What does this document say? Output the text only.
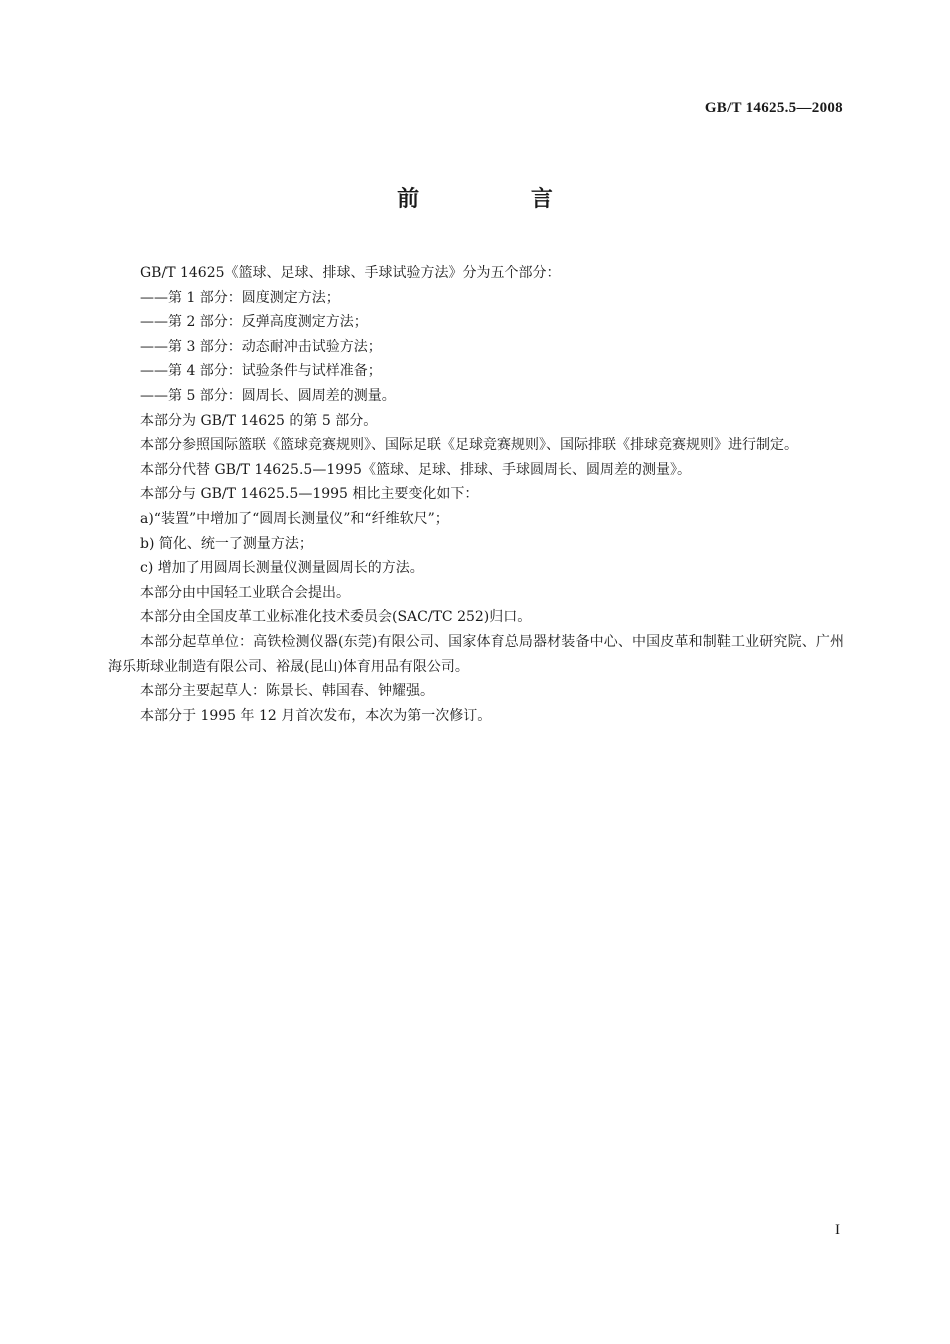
GB/T 14625.5—2008
前 言

GB/T 14625《篮球、足球、排球、手球试验方法》分为五个部分：

——第 1 部分：圆度测定方法；

——第 2 部分：反弹高度测定方法；

——第 3 部分：动态耐冲击试验方法；

——第 4 部分：试验条件与试样准备；

——第 5 部分：圆周长、圆周差的测量。

本部分为 GB/T 14625 的第 5 部分。

本部分参照国际篮联《篮球竞赛规则》、国际足联《足球竞赛规则》、国际排联《排球竞赛规则》进行制定。

本部分代替 GB/T 14625.5—1995《篮球、足球、排球、手球圆周长、圆周差的测量》。

本部分与 GB/T 14625.5—1995 相比主要变化如下：

a)“装置”中增加了“圆周长测量仪”和“纤维软尺”；

b) 简化、统一了测量方法；

c) 增加了用圆周长测量仪测量圆周长的方法。

本部分由中国轻工业联合会提出。

本部分由全国皮革工业标准化技术委员会(SAC/TC 252)归口。

本部分起草单位：高铁检测仪器(东莞)有限公司、国家体育总局器材装备中心、中国皮革和制鞋工业研究院、广州海乐斯球业制造有限公司、裕晟(昆山)体育用品有限公司。

本部分主要起草人：陈景长、韩国春、钟耀强。

本部分于 1995 年 12 月首次发布，本次为第一次修订。

I
